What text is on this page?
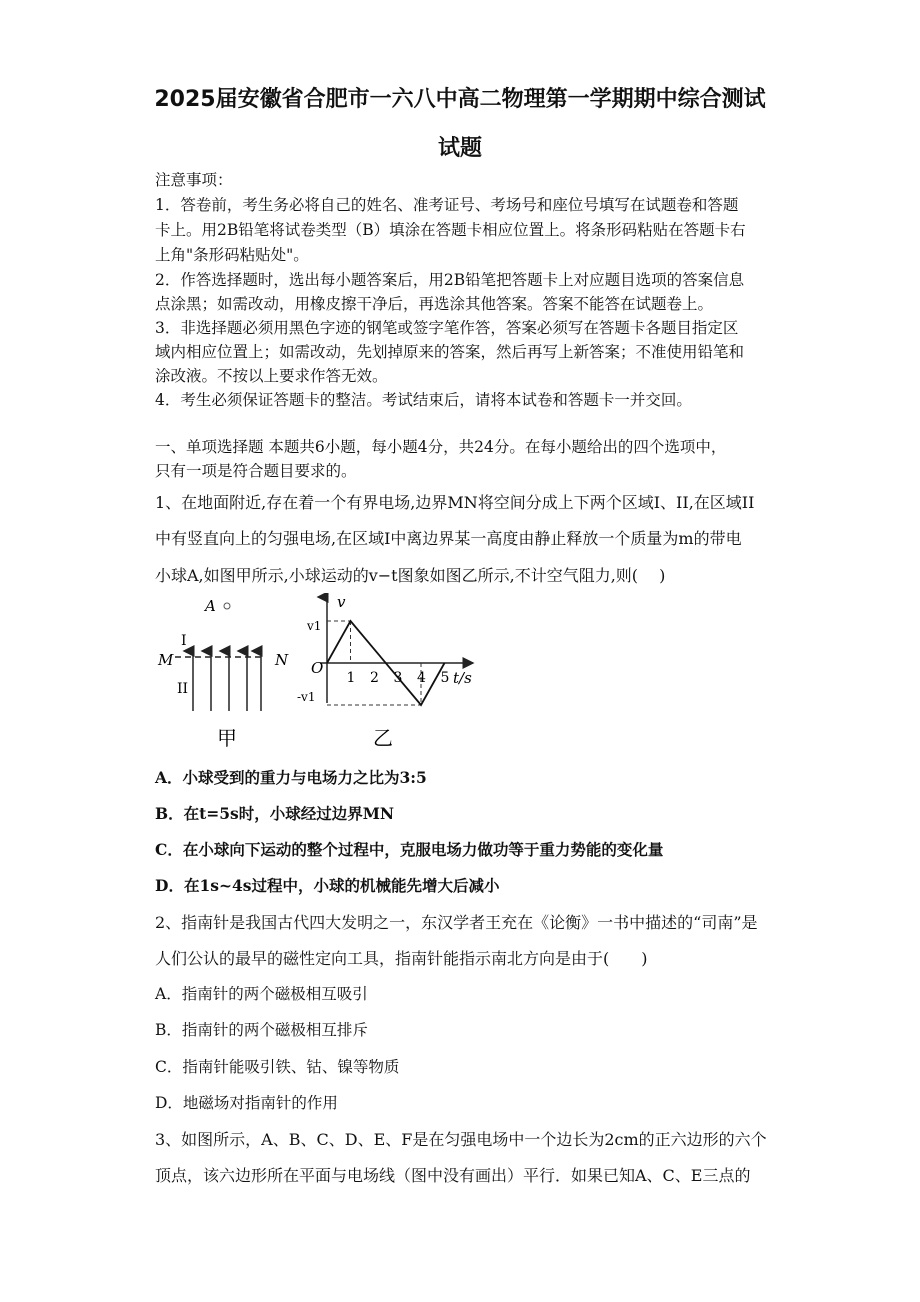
2025届安徽省合肥市一六八中高二物理第一学期期中综合测试
试题
注意事项：
1．答卷前，考生务必将自己的姓名、准考证号、考场号和座位号填写在试题卷和答题
卡上。用2B铅笔将试卷类型（B）填涂在答题卡相应位置上。将条形码粘贴在答题卡右
上角"条形码粘贴处"。
2．作答选择题时，选出每小题答案后，用2B铅笔把答题卡上对应题目选项的答案信息
点涂黑；如需改动，用橡皮擦干净后，再选涂其他答案。答案不能答在试题卷上。
3．非选择题必须用黑色字迹的钢笔或签字笔作答，答案必须写在答题卡各题目指定区
域内相应位置上；如需改动，先划掉原来的答案，然后再写上新答案；不准使用铅笔和
涂改液。不按以上要求作答无效。
4．考生必须保证答题卡的整洁。考试结束后，请将本试卷和答题卡一并交回。
一、单项选择题 本题共6小题，每小题4分，共24分。在每小题给出的四个选项中，
只有一项是符合题目要求的。
1、在地面附近,存在着一个有界电场,边界MN将空间分成上下两个区域I、II,在区域II
中有竖直向上的匀强电场,在区域I中离边界某一高度由静止释放一个质量为m的带电
小球A,如图甲所示,小球运动的v−t图象如图乙所示,不计空气阻力,则(　 )
A
I
II
M	N
甲
v
O
t/s
v1
-v1
1 2 3 4 5
乙
A．小球受到的重力与电场力之比为3:5
B．在t=5s时，小球经过边界MN
C．在小球向下运动的整个过程中，克服电场力做功等于重力势能的变化量
D．在1s~4s过程中，小球的机械能先增大后减小
2、指南针是我国古代四大发明之一，东汉学者王充在《论衡》一书中描述的“司南”是
人们公认的最早的磁性定向工具，指南针能指示南北方向是由于(　　)
A．指南针的两个磁极相互吸引
B．指南针的两个磁极相互排斥
C．指南针能吸引铁、钴、镍等物质
D．地磁场对指南针的作用
3、如图所示，A、B、C、D、E、F是在匀强电场中一个边长为2cm的正六边形的六个
顶点，该六边形所在平面与电场线（图中没有画出）平行．如果已知A、C、E三点的
